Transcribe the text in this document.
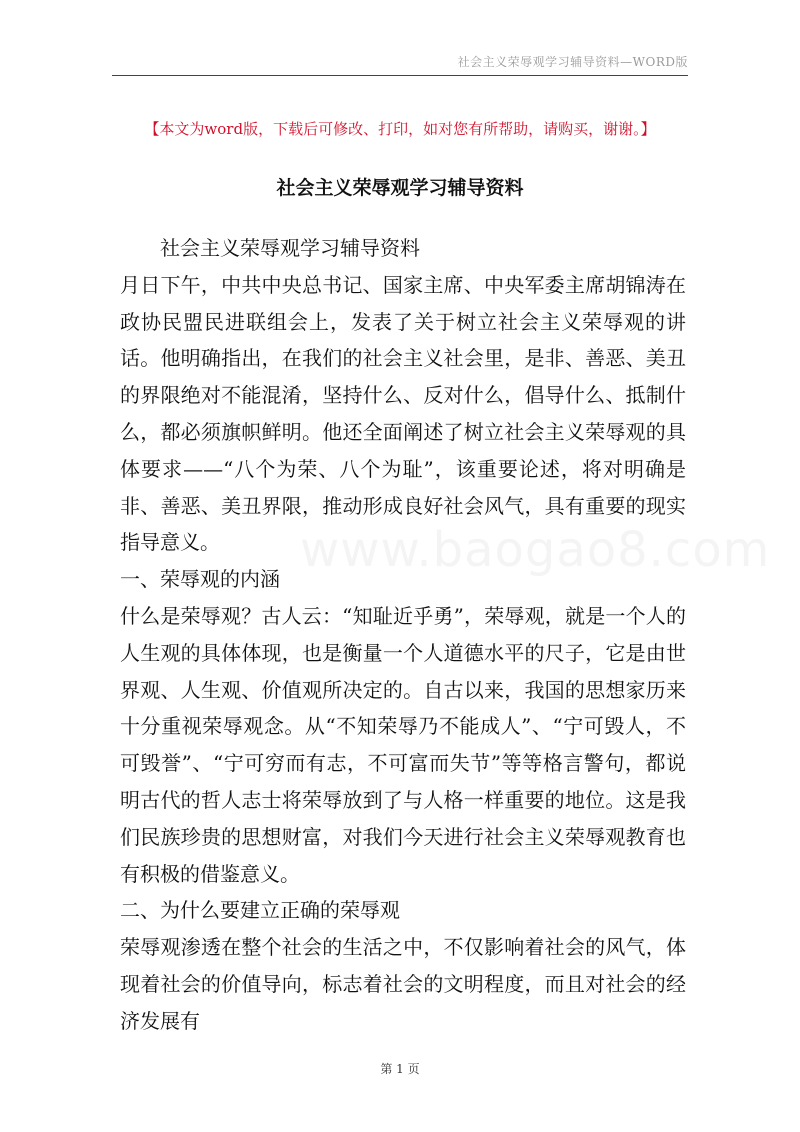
社会主义荣辱观学习辅导资料—WORD版
【本文为word版，下载后可修改、打印，如对您有所帮助，请购买，谢谢。】
社会主义荣辱观学习辅导资料

社会主义荣辱观学习辅导资料

月日下午，中共中央总书记、国家主席、中央军委主席胡锦涛在政协民盟民进联组会上，发表了关于树立社会主义荣辱观的讲话。他明确指出，在我们的社会主义社会里，是非、善恶、美丑的界限绝对不能混淆，坚持什么、反对什么，倡导什么、抵制什么，都必须旗帜鲜明。他还全面阐述了树立社会主义荣辱观的具体要求——“八个为荣、八个为耻”，该重要论述，将对明确是非、善恶、美丑界限，推动形成良好社会风气，具有重要的现实指导意义。

一、荣辱观的内涵

什么是荣辱观？古人云：“知耻近乎勇”，荣辱观，就是一个人的人生观的具体体现，也是衡量一个人道德水平的尺子，它是由世界观、人生观、价值观所决定的。自古以来，我国的思想家历来十分重视荣辱观念。从“不知荣辱乃不能成人”、“宁可毁人，不可毁誉”、“宁可穷而有志，不可富而失节”等等格言警句，都说明古代的哲人志士将荣辱放到了与人格一样重要的地位。这是我们民族珍贵的思想财富，对我们今天进行社会主义荣辱观教育也有积极的借鉴意义。

二、为什么要建立正确的荣辱观

荣辱观渗透在整个社会的生活之中，不仅影响着社会的风气，体现着社会的价值导向，标志着社会的文明程度，而且对社会的经济发展有

www.baogao8.com
第 1 页
